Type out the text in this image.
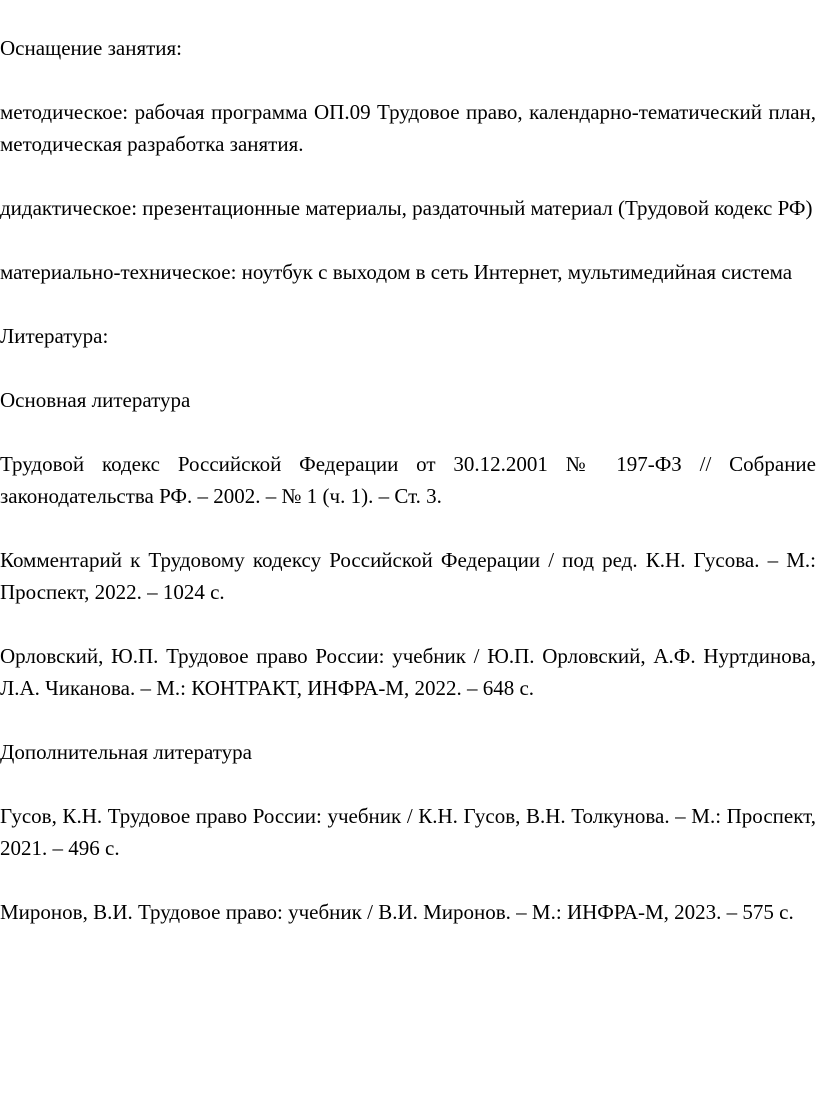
Оснащение занятия:

методическое: рабочая программа ОП.09 Трудовое право, календарно-тематический план, методическая разработка занятия.

дидактическое: презентационные материалы, раздаточный материал (Трудовой кодекс РФ)

материально-техническое: ноутбук с выходом в сеть Интернет, мультимедийная система

Литература:

Основная литература

Трудовой кодекс Российской Федерации от 30.12.2001 № 197-ФЗ // Собрание законодательства РФ. – 2002. – № 1 (ч. 1). – Ст. 3.

Комментарий к Трудовому кодексу Российской Федерации / под ред. К.Н. Гусова. – М.: Проспект, 2022. – 1024 с.

Орловский, Ю.П. Трудовое право России: учебник / Ю.П. Орловский, А.Ф. Нуртдинова, Л.А. Чиканова. – М.: КОНТРАКТ, ИНФРА-М, 2022. – 648 с.

Дополнительная литература

Гусов, К.Н. Трудовое право России: учебник / К.Н. Гусов, В.Н. Толкунова. – М.: Проспект, 2021. – 496 с.

Миронов, В.И. Трудовое право: учебник / В.И. Миронов. – М.: ИНФРА-М, 2023. – 575 с.
